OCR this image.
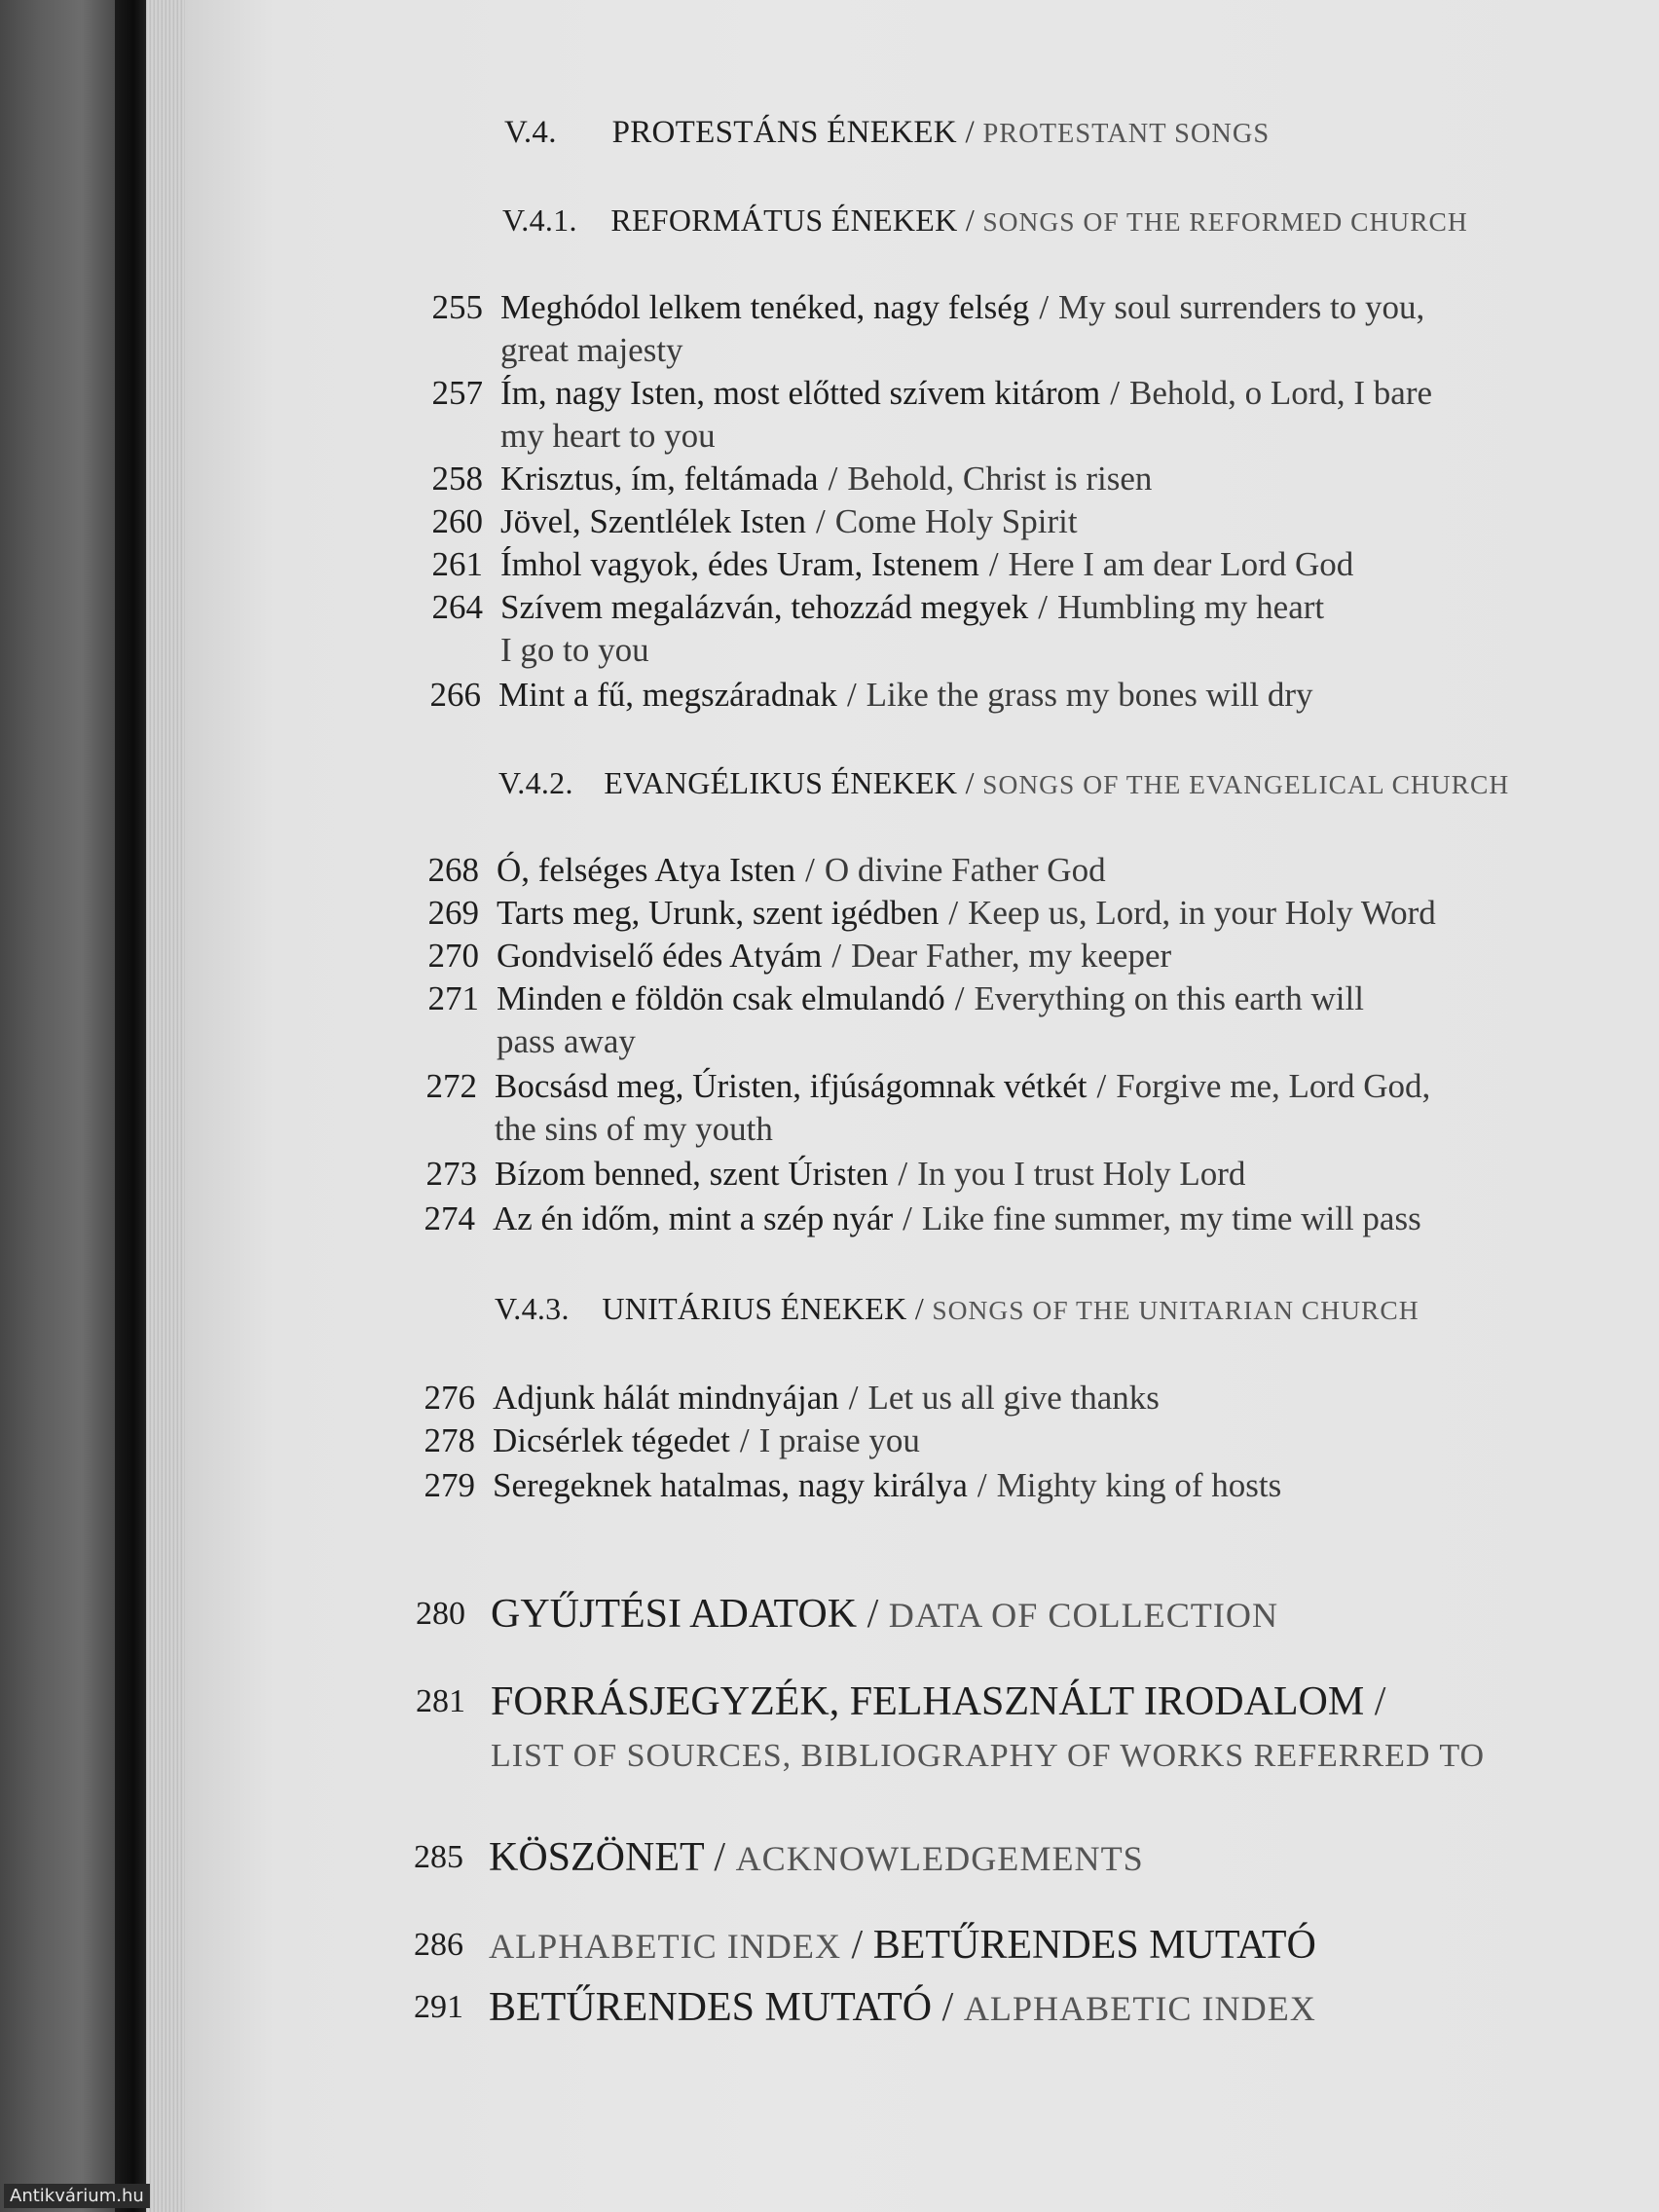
V.4. PROTESTÁNS ÉNEKEK / PROTESTANT SONGS
V.4.1. REFORMÁTUS ÉNEKEK / SONGS OF THE REFORMED CHURCH
255 Meghódol lelkem tenéked, nagy felség / My soul surrenders to you,
great majesty
257 Ím, nagy Isten, most előtted szívem kitárom / Behold, o Lord, I bare
my heart to you
258 Krisztus, ím, feltámada / Behold, Christ is risen
260 Jövel, Szentlélek Isten / Come Holy Spirit
261 Ímhol vagyok, édes Uram, Istenem / Here I am dear Lord God
264 Szívem megalázván, tehozzád megyek / Humbling my heart
I go to you
266 Mint a fű, megszáradnak / Like the grass my bones will dry
V.4.2. EVANGÉLIKUS ÉNEKEK / SONGS OF THE EVANGELICAL CHURCH
268 Ó, felséges Atya Isten / O divine Father God
269 Tarts meg, Urunk, szent igédben / Keep us, Lord, in your Holy Word
270 Gondviselő édes Atyám / Dear Father, my keeper
271 Minden e földön csak elmulandó / Everything on this earth will
pass away
272 Bocsásd meg, Úristen, ifjúságomnak vétkét / Forgive me, Lord God,
the sins of my youth
273 Bízom benned, szent Úristen / In you I trust Holy Lord
274 Az én időm, mint a szép nyár / Like fine summer, my time will pass
V.4.3. UNITÁRIUS ÉNEKEK / SONGS OF THE UNITARIAN CHURCH
276 Adjunk hálát mindnyájan / Let us all give thanks
278 Dicsérlek tégedet / I praise you
279 Seregeknek hatalmas, nagy királya / Mighty king of hosts
280 GYŰJTÉSI ADATOK / DATA OF COLLECTION
281 FORRÁSJEGYZÉK, FELHASZNÁLT IRODALOM /
LIST OF SOURCES, BIBLIOGRAPHY OF WORKS REFERRED TO
285 KÖSZÖNET / ACKNOWLEDGEMENTS
286 ALPHABETIC INDEX / BETŰRENDES MUTATÓ
291 BETŰRENDES MUTATÓ / ALPHABETIC INDEX
Antikvárium.hu
